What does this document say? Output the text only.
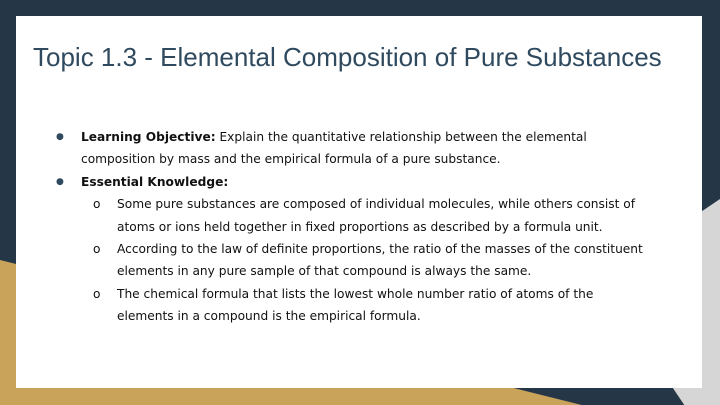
Topic 1.3 - Elemental Composition of Pure Substances
● Learning Objective: Explain the quantitative relationship between the elemental composition by mass and the empirical formula of a pure substance.
● Essential Knowledge:
o Some pure substances are composed of individual molecules, while others consist of atoms or ions held together in fixed proportions as described by a formula unit.
o According to the law of definite proportions, the ratio of the masses of the constituent elements in any pure sample of that compound is always the same.
o The chemical formula that lists the lowest whole number ratio of atoms of the elements in a compound is the empirical formula.
